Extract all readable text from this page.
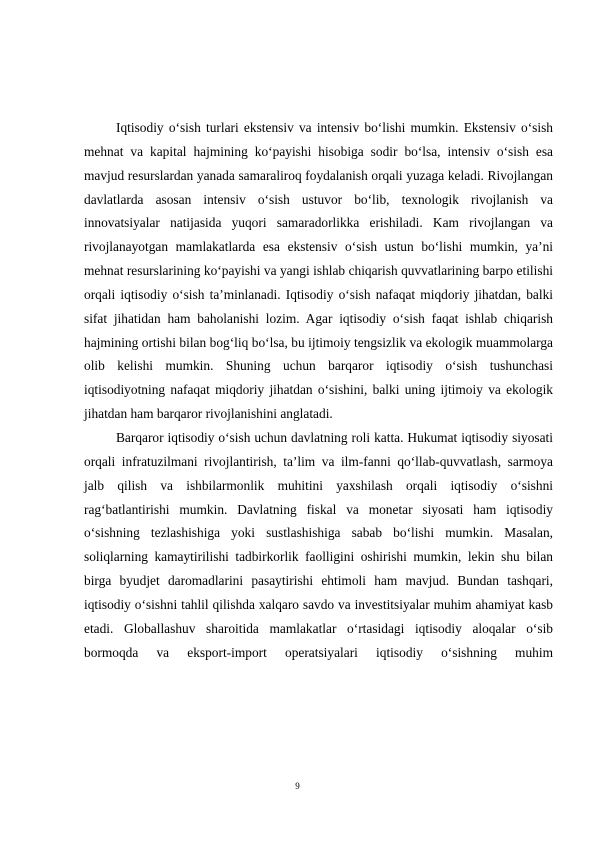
Iqtisodiy o‘sish turlari ekstensiv va intensiv bo‘lishi mumkin. Ekstensiv o‘sish mehnat va kapital hajmining ko‘payishi hisobiga sodir bo‘lsa, intensiv o‘sish esa mavjud resurslardan yanada samaraliroq foydalanish orqali yuzaga keladi. Rivojlangan davlatlarda asosan intensiv o‘sish ustuvor bo‘lib, texnologik rivojlanish va innovatsiyalar natijasida yuqori samaradorlikka erishiladi. Kam rivojlangan va rivojlanayotgan mamlakatlarda esa ekstensiv o‘sish ustun bo‘lishi mumkin, ya’ni mehnat resurslarining ko‘payishi va yangi ishlab chiqarish quvvatlarining barpo etilishi orqali iqtisodiy o‘sish ta’minlanadi. Iqtisodiy o‘sish nafaqat miqdoriy jihatdan, balki sifat jihatidan ham baholanishi lozim. Agar iqtisodiy o‘sish faqat ishlab chiqarish hajmining ortishi bilan bog‘liq bo‘lsa, bu ijtimoiy tengsizlik va ekologik muammolarga olib kelishi mumkin. Shuning uchun barqaror iqtisodiy o‘sish tushunchasi iqtisodiyotning nafaqat miqdoriy jihatdan o‘sishini, balki uning ijtimoiy va ekologik jihatdan ham barqaror rivojlanishini anglatadi.

Barqaror iqtisodiy o‘sish uchun davlatning roli katta. Hukumat iqtisodiy siyosati orqali infratuzilmani rivojlantirish, ta’lim va ilm-fanni qo‘llab-quvvatlash, sarmoya jalb qilish va ishbilarmonlik muhitini yaxshilash orqali iqtisodiy o‘sishni rag‘batlantirishi mumkin. Davlatning fiskal va monetar siyosati ham iqtisodiy o‘sishning tezlashishiga yoki sustlashishiga sabab bo‘lishi mumkin. Masalan, soliqlarning kamaytirilishi tadbirkorlik faolligini oshirishi mumkin, lekin shu bilan birga byudjet daromadlarini pasaytirishi ehtimoli ham mavjud. Bundan tashqari, iqtisodiy o‘sishni tahlil qilishda xalqaro savdo va investitsiyalar muhim ahamiyat kasb etadi. Globallashuv sharoitida mamlakatlar o‘rtasidagi iqtisodiy aloqalar o‘sib bormoqda va eksport-import operatsiyalari iqtisodiy o‘sishning muhim

9
